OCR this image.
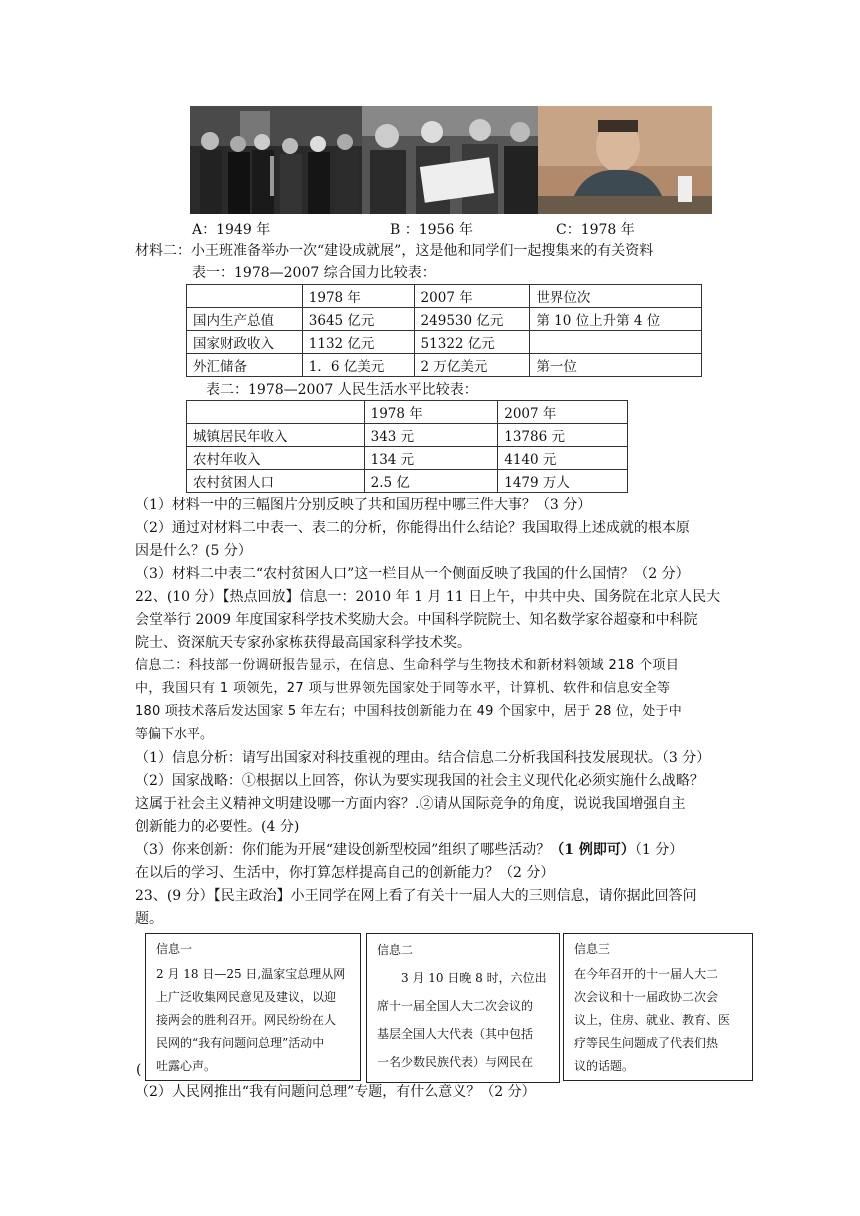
A：1949 年	B ：1956 年	C：1978 年
材料二：小王班准备举办一次“建设成就展”，这是他和同学们一起搜集来的有关资料
表一：1978—2007 综合国力比较表：
	1978 年	2007 年	世界位次
国内生产总值	3645 亿元	249530 亿元	第 10 位上升第 4 位
国家财政收入	1132 亿元	51322 亿元	
外汇储备	1．6 亿美元	2 万亿美元	第一位
表二：1978—2007 人民生活水平比较表：
	1978 年	2007 年
城镇居民年收入	343 元	13786 元
农村年收入	134 元	4140 元
农村贫困人口	2.5 亿	1479 万人
（1）材料一中的三幅图片分别反映了共和国历程中哪三件大事？（3 分）
（2）通过对材料二中表一、表二的分析，你能得出什么结论？我国取得上述成就的根本原
因是什么？(5 分）
（3）材料二中表二“农村贫困人口”这一栏目从一个侧面反映了我国的什么国情？（2 分）
22、(10 分）【热点回放】信息一：2010 年 1 月 11 日上午，中共中央、国务院在北京人民大
会堂举行 2009 年度国家科学技术奖励大会。中国科学院院士、知名数学家谷超豪和中科院
院士、资深航天专家孙家栋获得最高国家科学技术奖。
信息二：科技部一份调研报告显示，在信息、生命科学与生物技术和新材料领域 218 个项目
中，我国只有 1 项领先，27 项与世界领先国家处于同等水平，计算机、软件和信息安全等
180 项技术落后发达国家 5 年左右；中国科技创新能力在 49 个国家中，居于 28 位，处于中
等偏下水平。
（1）信息分析：请写出国家对科技重视的理由。结合信息二分析我国科技发展现状。（3 分）
（2）国家战略：①根据以上回答，你认为要实现我国的社会主义现代化必须实施什么战略？
这属于社会主义精神文明建设哪一方面内容？.②请从国际竞争的角度，说说我国增强自主
创新能力的必要性。(4 分)
（3）你来创新：你们能为开展“建设创新型校园”组织了哪些活动？（1 例即可）（1 分）
在以后的学习、生活中，你打算怎样提高自己的创新能力？（2 分）
23、(9 分）【民主政治】小王同学在网上看了有关十一届人大的三则信息，请你据此回答问
题。
(
信息一
2 月 18 日—25 日,温家宝总理从网
上广泛收集网民意见及建议，以迎
接两会的胜利召开。网民纷纷在人
民网的“我有问题问总理”活动中
吐露心声。
信息二
3 月 10 日晚 8 时，六位出
席十一届全国人大二次会议的
基层全国人大代表（其中包括
一名少数民族代表）与网民在
信息三
在今年召开的十一届人大二
次会议和十一届政协二次会
议上，住房、就业、教育、医
疗等民生问题成了代表们热
议的话题。
（2）人民网推出“我有问题问总理”专题，有什么意义？（2 分）
